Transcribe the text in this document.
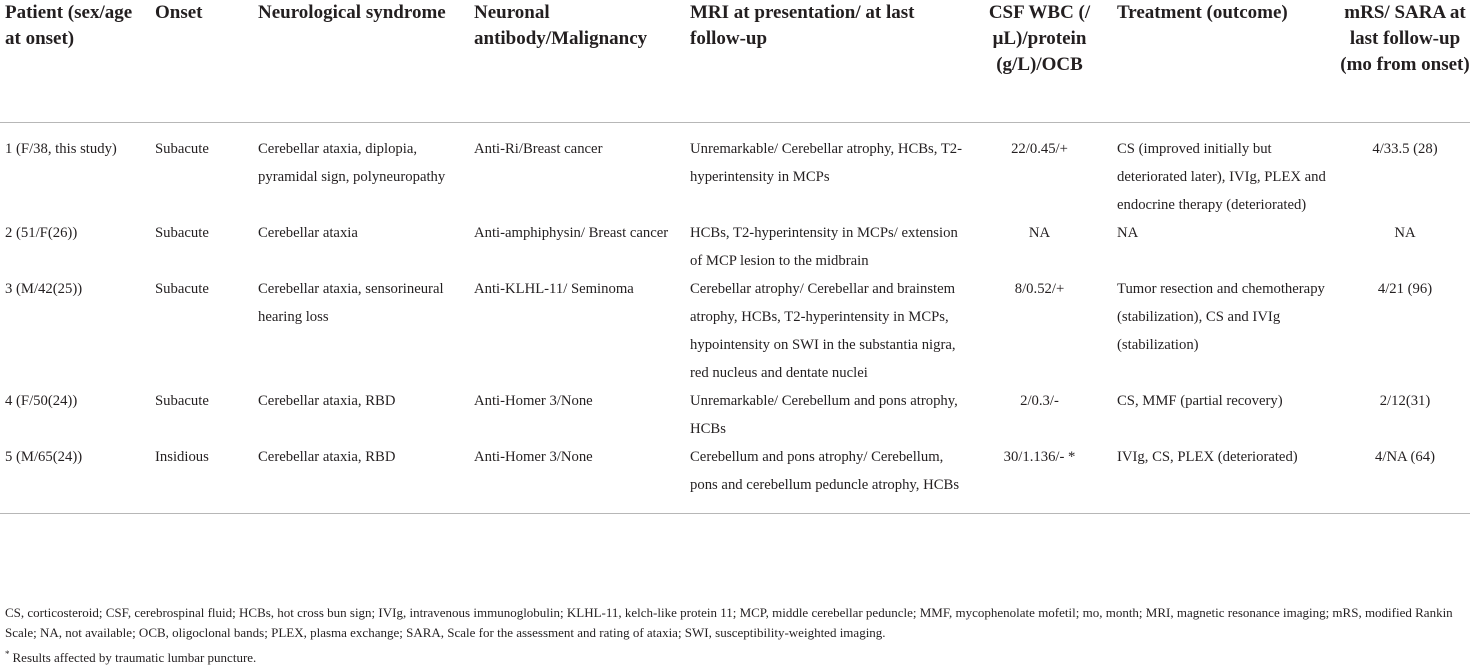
Patient (sex/age at onset)	Onset	Neurological syndrome	Neuronal antibody/Malignancy	MRI at presentation/ at last follow-up	CSF WBC (/μL)/protein (g/L)/OCB	Treatment (outcome)	mRS/ SARA at last follow-up (mo from onset)
1 (F/38, this study)	Subacute	Cerebellar ataxia, diplopia, pyramidal sign, polyneuropathy	Anti-Ri/Breast cancer	Unremarkable/ Cerebellar atrophy, HCBs, T2-hyperintensity in MCPs	22/0.45/+	CS (improved initially but deteriorated later), IVIg, PLEX and endocrine therapy (deteriorated)	4/33.5 (28)
2 (51/F(26))	Subacute	Cerebellar ataxia	Anti-amphiphysin/ Breast cancer	HCBs, T2-hyperintensity in MCPs/ extension of MCP lesion to the midbrain	NA	NA	NA
3 (M/42(25))	Subacute	Cerebellar ataxia, sensorineural hearing loss	Anti-KLHL-11/ Seminoma	Cerebellar atrophy/ Cerebellar and brainstem atrophy, HCBs, T2-hyperintensity in MCPs, hypointensity on SWI in the substantia nigra, red nucleus and dentate nuclei	8/0.52/+	Tumor resection and chemotherapy (stabilization), CS and IVIg (stabilization)	4/21 (96)
4 (F/50(24))	Subacute	Cerebellar ataxia, RBD	Anti-Homer 3/None	Unremarkable/ Cerebellum and pons atrophy, HCBs	2/0.3/-	CS, MMF (partial recovery)	2/12(31)
5 (M/65(24))	Insidious	Cerebellar ataxia, RBD	Anti-Homer 3/None	Cerebellum and pons atrophy/ Cerebellum, pons and cerebellum peduncle atrophy, HCBs	30/1.136/- *	IVIg, CS, PLEX (deteriorated)	4/NA (64)
CS, corticosteroid; CSF, cerebrospinal fluid; HCBs, hot cross bun sign; IVIg, intravenous immunoglobulin; KLHL-11, kelch-like protein 11; MCP, middle cerebellar peduncle; MMF, mycophenolate mofetil; mo, month; MRI, magnetic resonance imaging; mRS, modified Rankin Scale; NA, not available; OCB, oligoclonal bands; PLEX, plasma exchange; SARA, Scale for the assessment and rating of ataxia; SWI, susceptibility-weighted imaging.
* Results affected by traumatic lumbar puncture.
